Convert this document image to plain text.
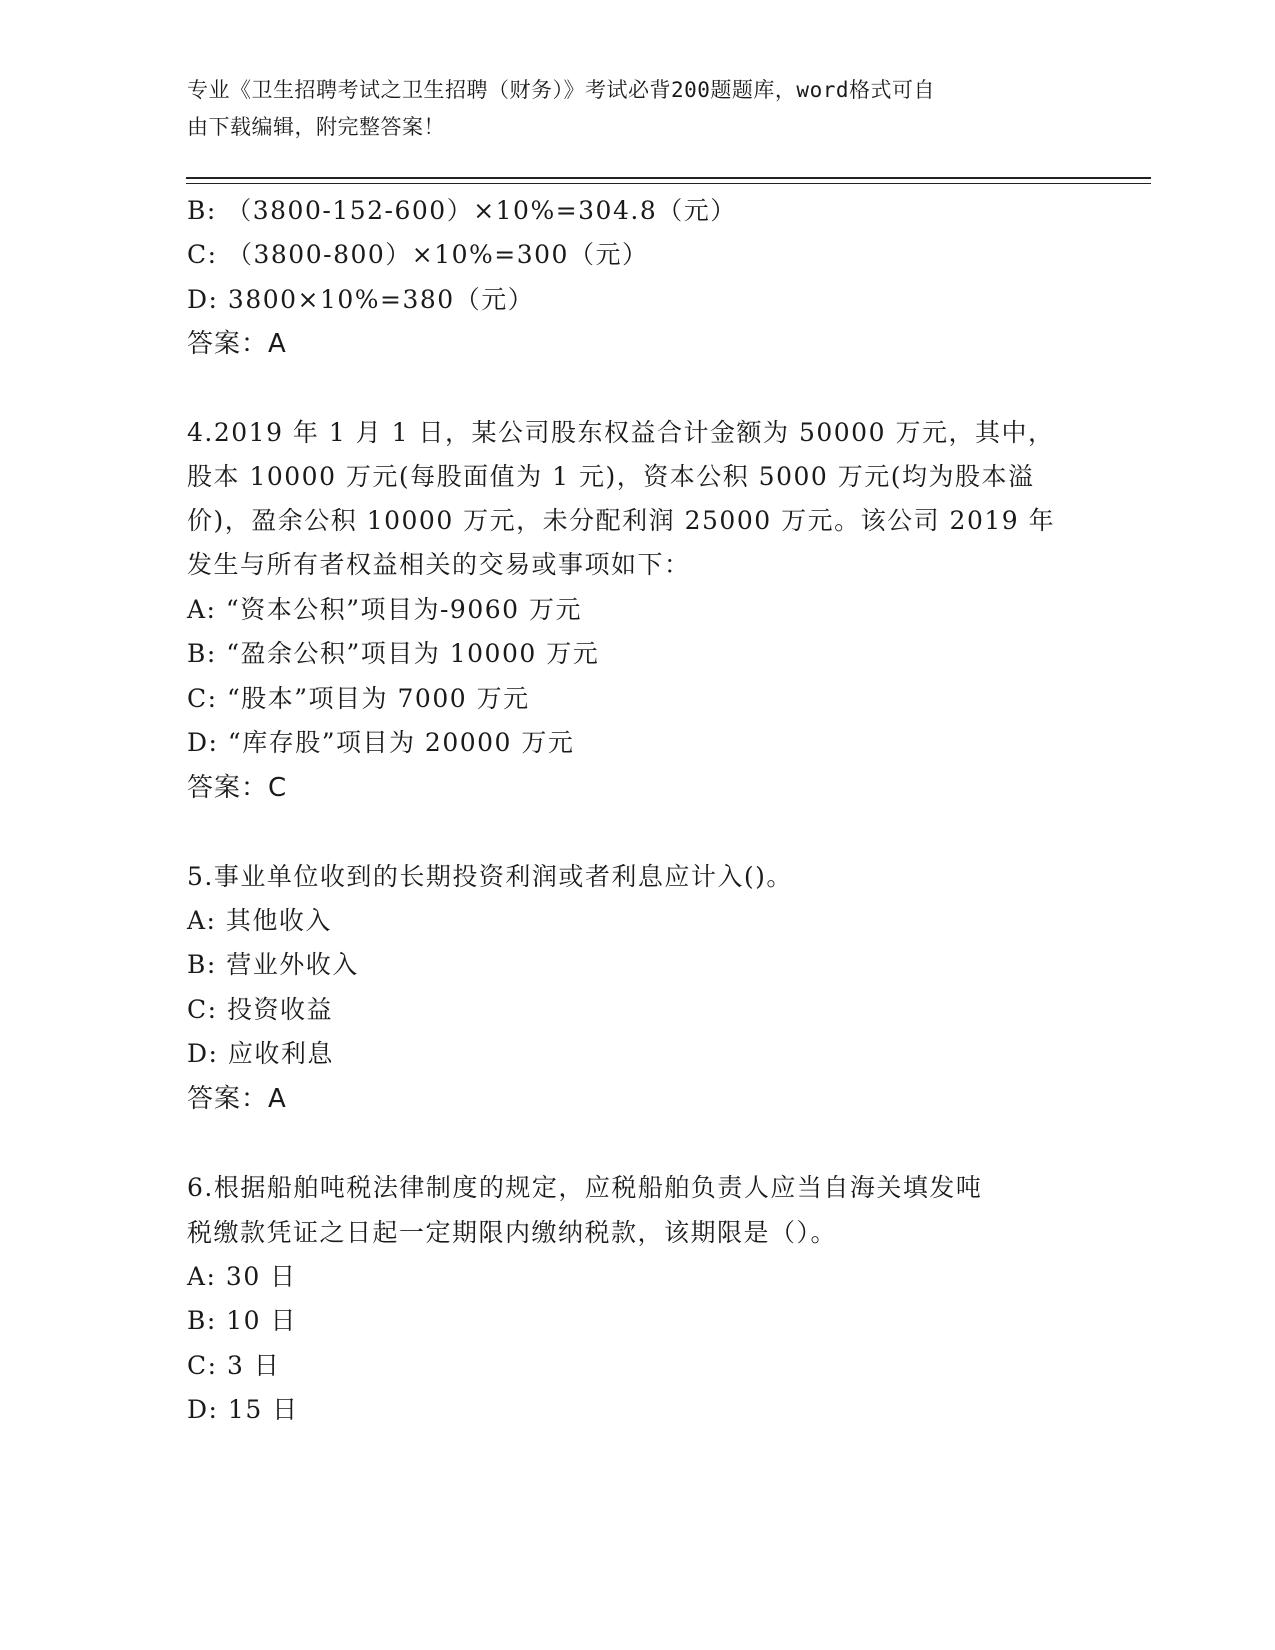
专业《卫生招聘考试之卫生招聘（财务）》考试必背200题题库，word格式可自
由下载编辑，附完整答案！
B: （3800-152-600）×10%=304.8（元）
C: （3800-800）×10%=300（元）
D: 3800×10%=380（元）
答案：A
4.2019 年 1 月 1 日，某公司股东权益合计金额为 50000 万元，其中，
股本 10000 万元(每股面值为 1 元)，资本公积 5000 万元(均为股本溢
价)，盈余公积 10000 万元，未分配利润 25000 万元。该公司 2019 年
发生与所有者权益相关的交易或事项如下：
A: “资本公积”项目为-9060 万元
B: “盈余公积”项目为 10000 万元
C: “股本”项目为 7000 万元
D: “库存股”项目为 20000 万元
答案：C
5.事业单位收到的长期投资利润或者利息应计入()。
A: 其他收入
B: 营业外收入
C: 投资收益
D: 应收利息
答案：A
6.根据船舶吨税法律制度的规定，应税船舶负责人应当自海关填发吨
税缴款凭证之日起一定期限内缴纳税款，该期限是（）。
A: 30 日
B: 10 日
C: 3 日
D: 15 日
